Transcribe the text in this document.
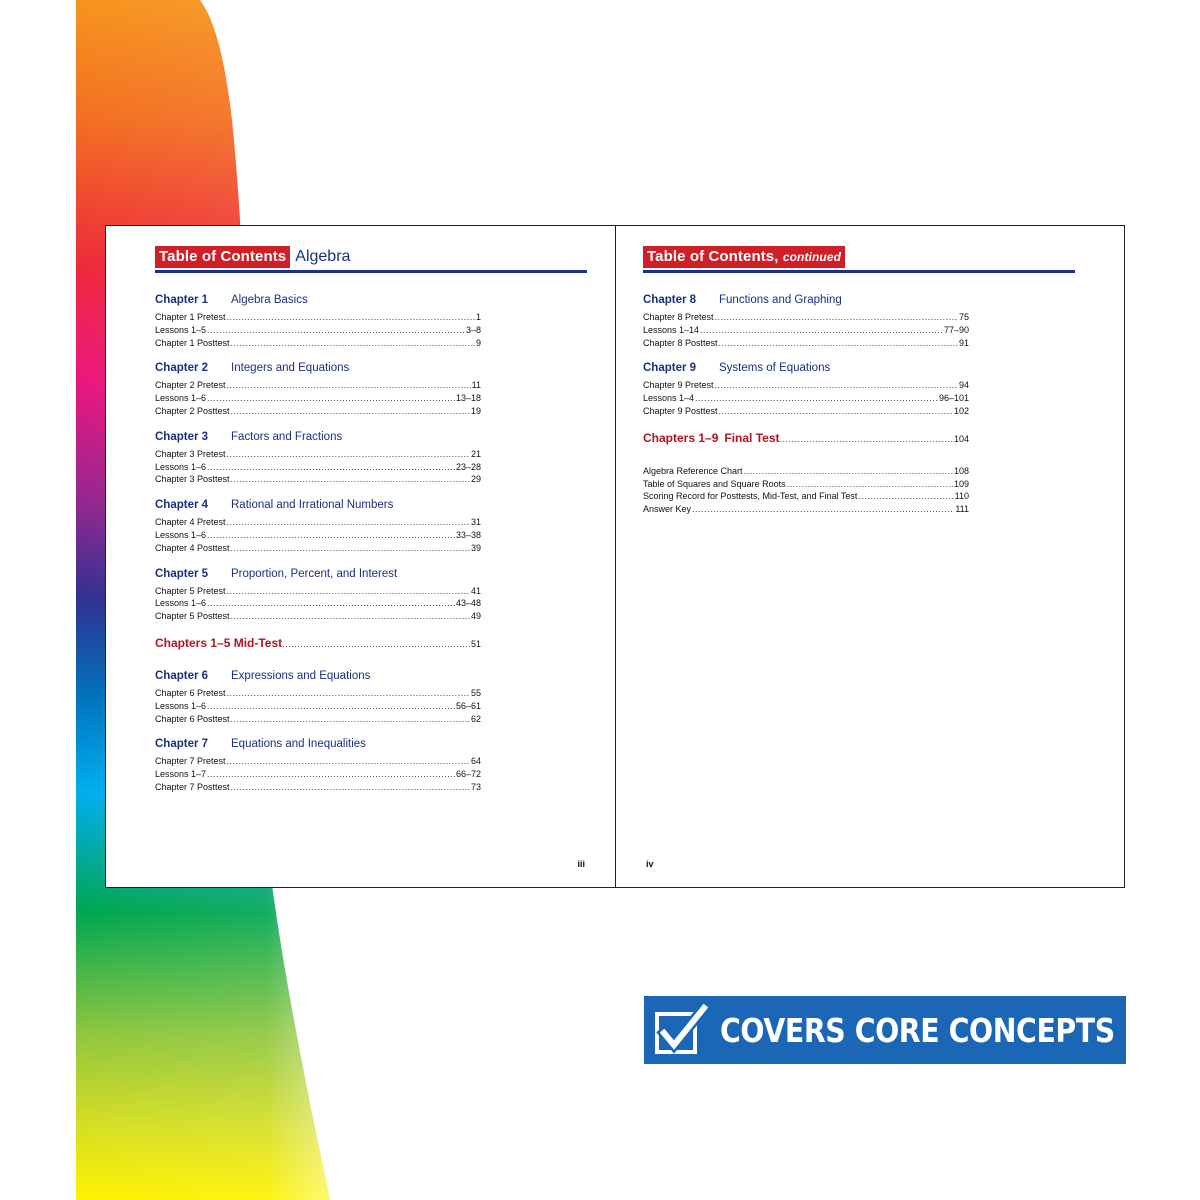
Table of Contents Algebra
Chapter 1	Algebra Basics
Chapter 1 Pretest .....	1
Lessons 1–5 .....	3–8
Chapter 1 Posttest .....	9
Chapter 2	Integers and Equations
Chapter 2 Pretest .....	11
Lessons 1–6 .....	13–18
Chapter 2 Posttest .....	19
Chapter 3	Factors and Fractions
Chapter 3 Pretest .....	21
Lessons 1–6 .....	23–28
Chapter 3 Posttest .....	29
Chapter 4	Rational and Irrational Numbers
Chapter 4 Pretest .....	31
Lessons 1–6 .....	33–38
Chapter 4 Posttest .....	39
Chapter 5	Proportion, Percent, and Interest
Chapter 5 Pretest .....	41
Lessons 1–6 .....	43–48
Chapter 5 Posttest .....	49
Chapters 1–5 Mid-Test .....	51
Chapter 6	Expressions and Equations
Chapter 6 Pretest .....	55
Lessons 1–6 .....	56–61
Chapter 6 Posttest .....	62
Chapter 7	Equations and Inequalities
Chapter 7 Pretest .....	64
Lessons 1–7 .....	66–72
Chapter 7 Posttest .....	73
iii
Table of Contents, continued
Chapter 8	Functions and Graphing
Chapter 8 Pretest .....	75
Lessons 1–14 .....	77–90
Chapter 8 Posttest .....	91
Chapter 9	Systems of Equations
Chapter 9 Pretest .....	94
Lessons 1–4 .....	96–101
Chapter 9 Posttest .....	102
Chapters 1–9 Final Test .....	104
Algebra Reference Chart .....	108
Table of Squares and Square Roots .....	109
Scoring Record for Posttests, Mid-Test, and Final Test .....	110
Answer Key .....	111
iv
COVERS CORE CONCEPTS
